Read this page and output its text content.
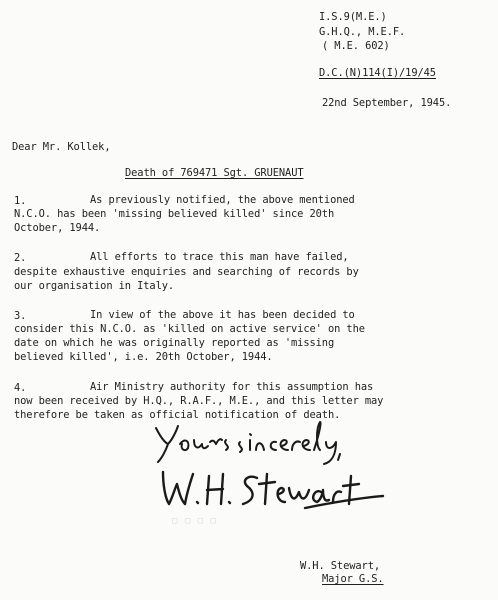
I.S.9(M.E.)
G.H.Q., M.E.F.
( M.E. 602)
D.C.(N)114(I)/19/45
22nd September, 1945.
Dear Mr. Kollek,
Death of 769471 Sgt. GRUENAUT
1.	As previously notified, the above mentioned
N.C.O. has been 'missing believed killed' since 20th
October, 1944.
2.	All efforts to trace this man have failed,
despite exhaustive enquiries and searching of records by
our organisation in Italy.
3.	In view of the above it has been decided to
consider this N.C.O. as 'killed on active service' on the
date on which he was originally reported as 'missing
believed killed', i.e. 20th October, 1944.
4.	Air Ministry authority for this assumption has
now been received by H.Q., R.A.F., M.E., and this letter may
therefore be taken as official notification of death.
▢ ▢ ▢ ▢
W.H. Stewart,
Major G.S.
